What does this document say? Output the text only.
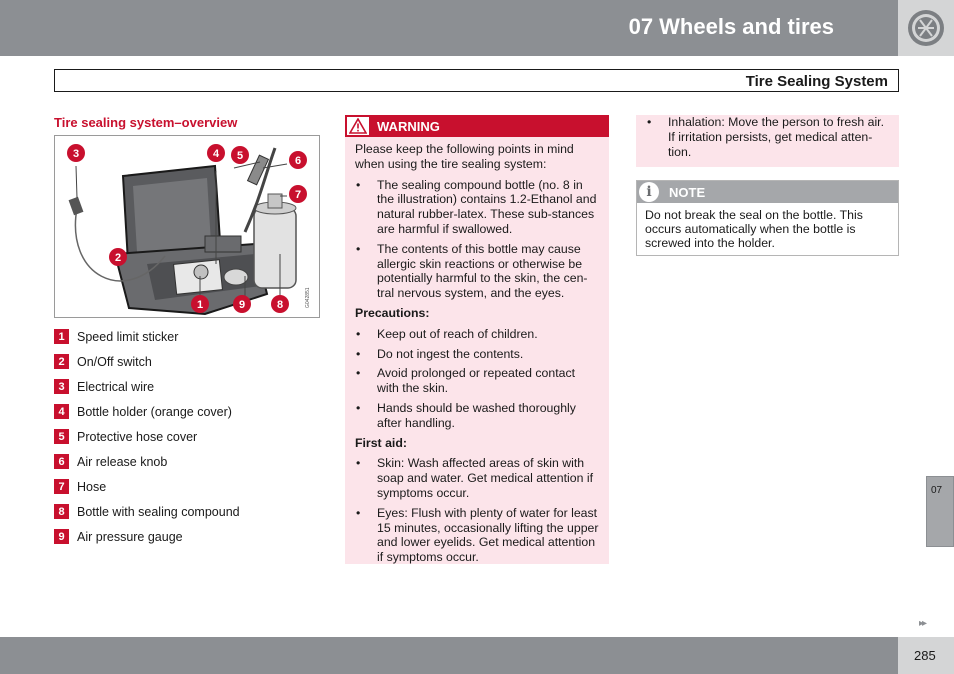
07 Wheels and tires
Tire Sealing System
Tire sealing system–overview
3	4 5	6
7
2
1	9	8	G042851
1 Speed limit sticker
2 On/Off switch
3 Electrical wire
4 Bottle holder (orange cover)
5 Protective hose cover
6 Air release knob
7 Hose
8 Bottle with sealing compound
9 Air pressure gauge
WARNING

Please keep the following points in mind when using the tire sealing system:

• The sealing compound bottle (no. 8 in the illustration) contains 1.2-Ethanol and natural rubber-latex. These sub-stances are harmful if swallowed.
• The contents of this bottle may cause allergic skin reactions or otherwise be potentially harmful to the skin, the cen-tral nervous system, and the eyes.
Precautions:
• Keep out of reach of children.
• Do not ingest the contents.
• Avoid prolonged or repeated contact with the skin.
• Hands should be washed thoroughly after handling.
First aid:
• Skin: Wash affected areas of skin with soap and water. Get medical attention if symptoms occur.
• Eyes: Flush with plenty of water for least 15 minutes, occasionally lifting the upper and lower eyelids. Get medical attention if symptoms occur.
• Inhalation: Move the person to fresh air. If irritation persists, get medical atten-tion.
i	NOTE
Do not break the seal on the bottle. This occurs automatically when the bottle is screwed into the holder.
07
▸▸
285
